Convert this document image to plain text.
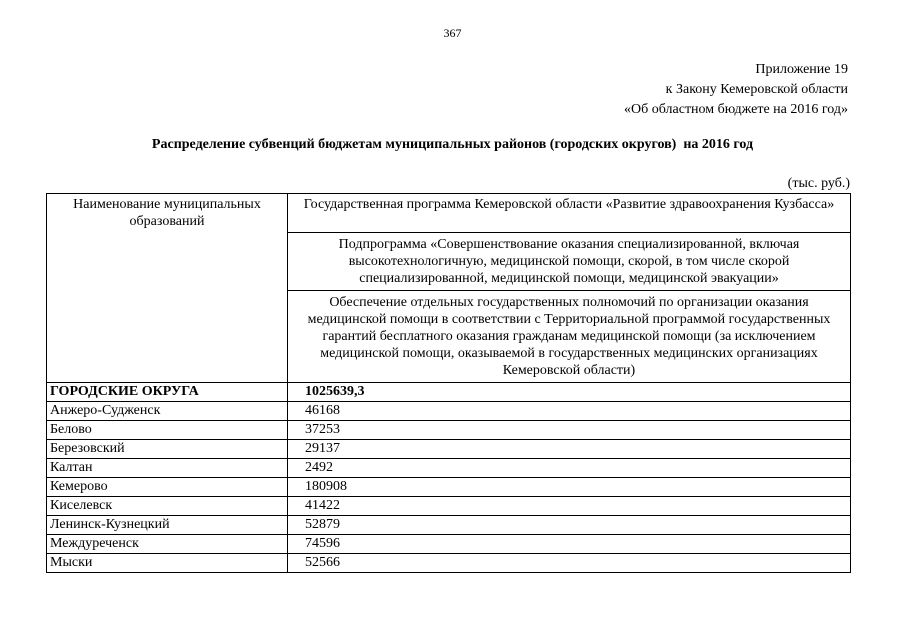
367
Приложение 19
к Закону Кемеровской области
«Об областном бюджете на 2016 год»
Распределение субвенций бюджетам муниципальных районов (городских округов)  на 2016 год
(тыс. руб.)
Наименование муниципальных образований	Государственная программа Кемеровской области «Развитие здравоохранения Кузбасса»
	Подпрограмма «Совершенствование оказания специализированной, включая высокотехнологичную, медицинской помощи, скорой, в том числе скорой специализированной, медицинской помощи, медицинской эвакуации»
	Обеспечение отдельных государственных полномочий по организации оказания медицинской помощи в соответствии с Территориальной программой государственных гарантий бесплатного оказания гражданам медицинской помощи (за исключением медицинской помощи, оказываемой в государственных медицинских организациях Кемеровской области)
ГОРОДСКИЕ ОКРУГА	1025639,3
Анжеро-Судженск	46168
Белово	37253
Березовский	29137
Калтан	2492
Кемерово	180908
Киселевск	41422
Ленинск-Кузнецкий	52879
Междуреченск	74596
Мыски	52566
